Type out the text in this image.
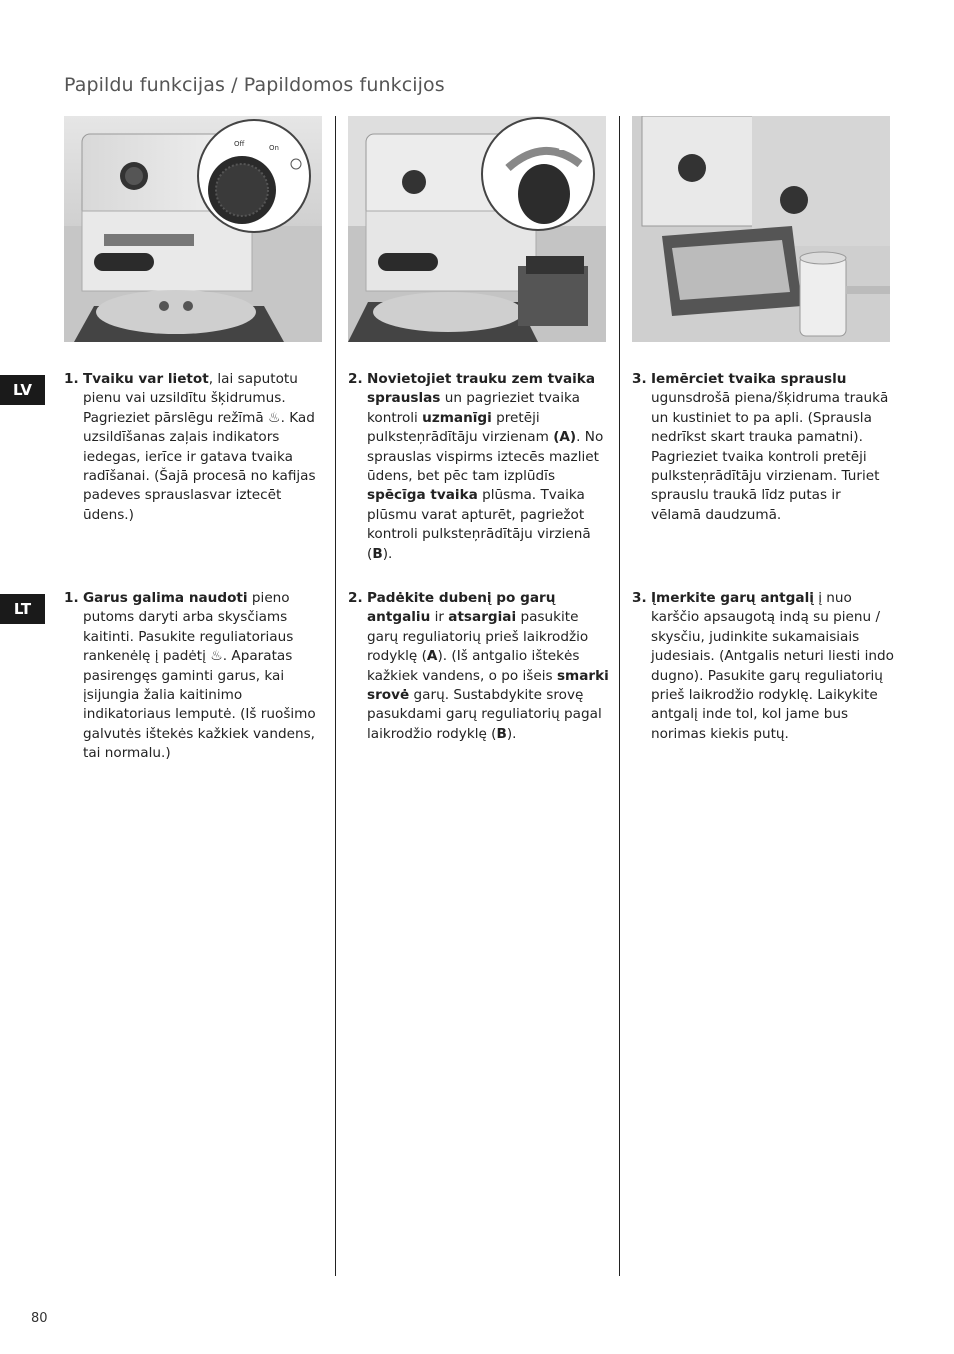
Papildu funkcijas / Papildomos funkcijos
Off	On
A
B
LV
LT
1. Tvaiku var lietot, lai saputotu pienu vai uzsildītu šķidrumus. Pagrieziet pārslēgu režīmā ♨. Kad uzsildīšanas zaļais indikators iedegas, ierīce ir gatava tvaika radīšanai. (Šajā procesā no kafijas padeves sprauslasvar iztecēt ūdens.)
2. Novietojiet trauku zem tvaika sprauslas un pagrieziet tvaika kontroli uzmanīgi pretēji pulksteņrādītāju virzienam (A). No sprauslas vispirms iztecēs mazliet ūdens, bet pēc tam izplūdīs spēcīga tvaika plūsma. Tvaika plūsmu varat apturēt, pagriežot kontroli pulksteņrādītāju virzienā (B).
3. Iemērciet tvaika sprauslu ugunsdrošā piena/šķidruma traukā un kustiniet to pa apli. (Sprausla nedrīkst skart trauka pamatni). Pagrieziet tvaika kontroli pretēji pulksteņrādītāju virzienam. Turiet sprauslu traukā līdz putas ir vēlamā daudzumā.
1. Garus galima naudoti pieno putoms daryti arba skysčiams kaitinti. Pasukite reguliatoriaus rankenėlę į padėtį ♨. Aparatas pasirengęs gaminti garus, kai įsijungia žalia kaitinimo indikatoriaus lemputė. (Iš ruošimo galvutės ištekės kažkiek vandens, tai normalu.)
2. Padėkite dubenį po garų antgaliu ir atsargiai pasukite garų reguliatorių prieš laikrodžio rodyklę (A). (Iš antgalio ištekės kažkiek vandens, o po išeis smarki srovė garų. Sustabdykite srovę pasukdami garų reguliatorių pagal laikrodžio rodyklę (B).
3. Įmerkite garų antgalį į nuo karščio apsaugotą indą su pienu / skysčiu, judinkite sukamaisiais judesiais. (Antgalis neturi liesti indo dugno). Pasukite garų reguliatorių prieš laikrodžio rodyklę. Laikykite antgalį inde tol, kol jame bus norimas kiekis putų.
80
